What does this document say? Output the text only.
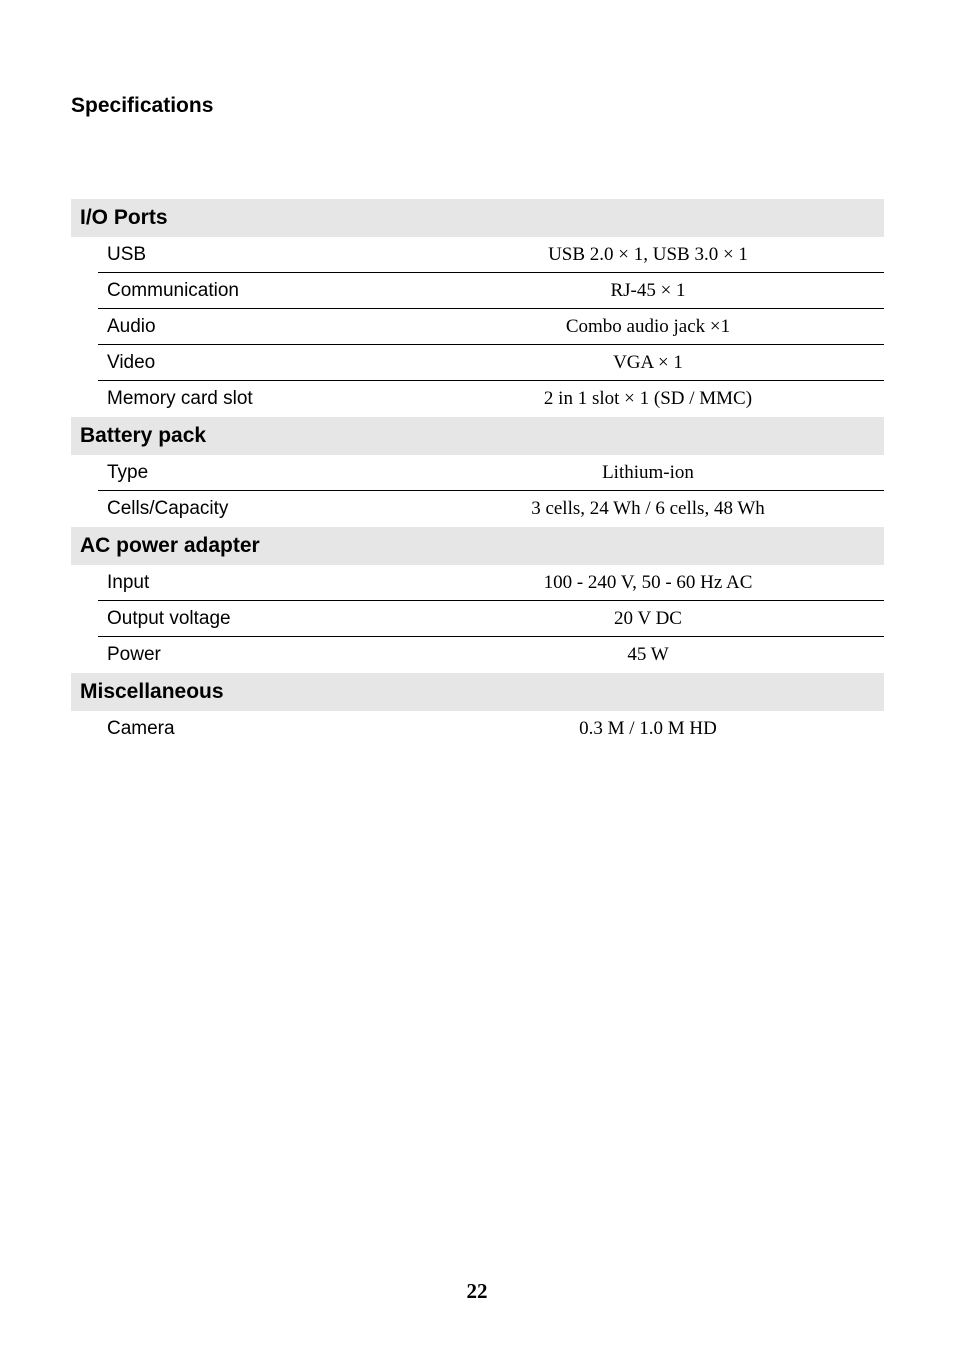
Specifications
I/O Ports
USB	USB 2.0 × 1, USB 3.0 × 1
Communication	RJ-45 × 1
Audio	Combo audio jack ×1
Video	VGA × 1
Memory card slot	2 in 1 slot × 1 (SD / MMC)
Battery pack
Type	Lithium-ion
Cells/Capacity	3 cells, 24 Wh / 6 cells, 48 Wh
AC power adapter
Input	100 - 240 V, 50 - 60 Hz AC
Output voltage	20 V DC
Power	45 W
Miscellaneous
Camera	0.3 M / 1.0 M HD
22
